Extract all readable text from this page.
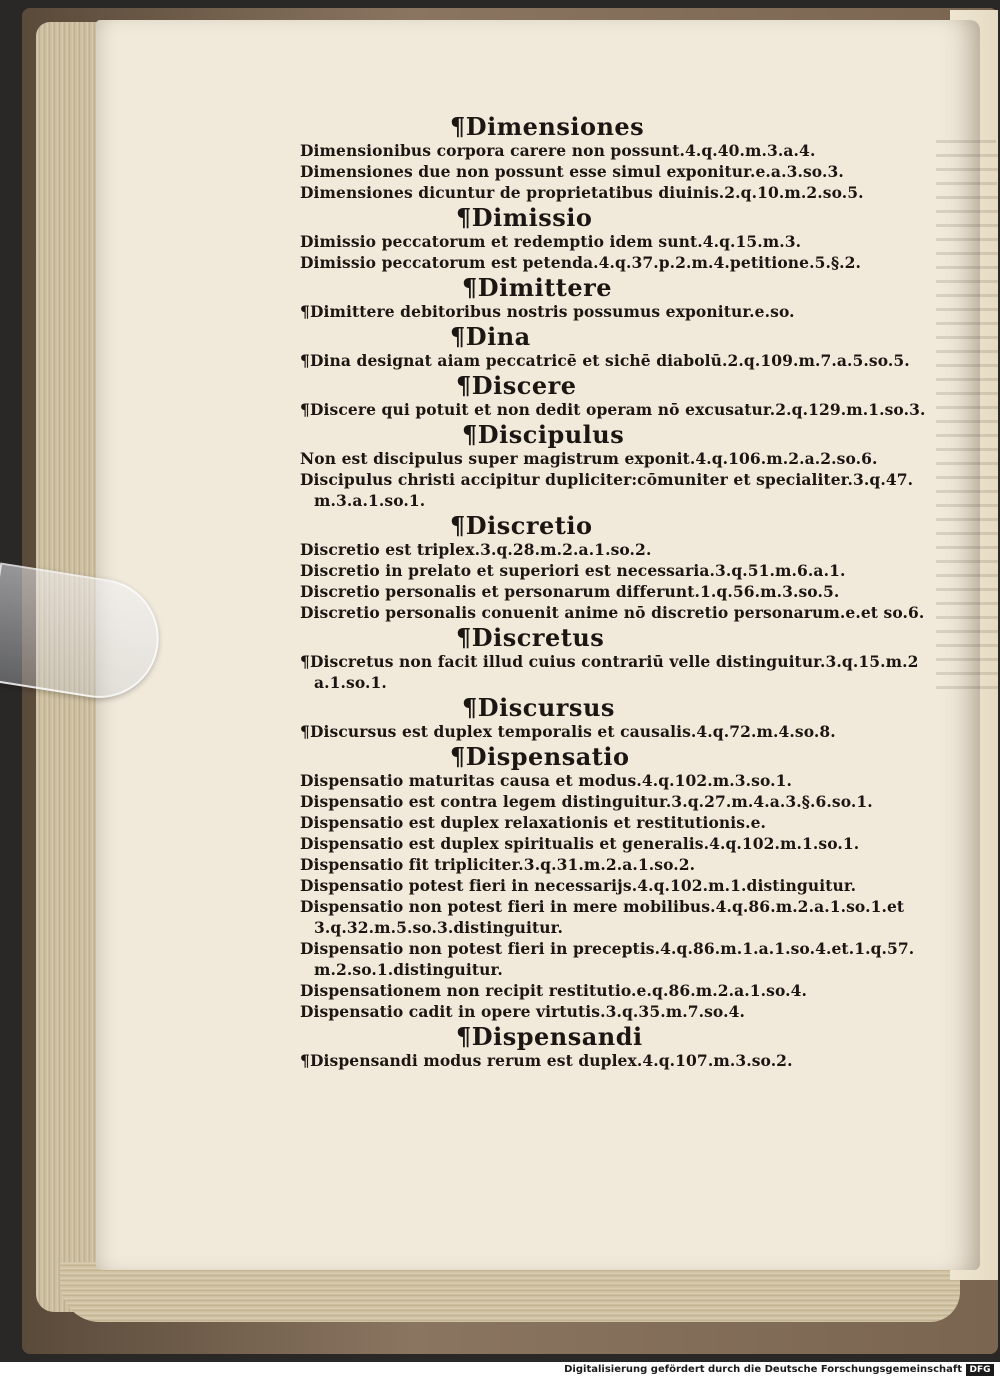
¶Dimensiones
Dimensionibus corpora carere non possunt.4.q.40.m.3.a.4.
Dimensiones due non possunt esse simul exponitur.e.a.3.so.3.
Dimensiones dicuntur de proprietatibus diuinis.2.q.10.m.2.so.5.
¶Dimissio
Dimissio peccatorum et redemptio idem sunt.4.q.15.m.3.
Dimissio peccatorum est petenda.4.q.37.p.2.m.4.petitione.5.§.2.
¶Dimittere
¶Dimittere debitoribus nostris possumus exponitur.e.so.
¶Dina
¶Dina designat aiam peccatricē et sichē diabolū.2.q.109.m.7.a.5.so.5.
¶Discere
¶Discere qui potuit et non dedit operam nō excusatur.2.q.129.m.1.so.3.
¶Discipulus
Non est discipulus super magistrum exponit.4.q.106.m.2.a.2.so.6.
Discipulus christi accipitur dupliciter:cōmuniter et specialiter.3.q.47.
m.3.a.1.so.1.
¶Discretio
Discretio est triplex.3.q.28.m.2.a.1.so.2.
Discretio in prelato et superiori est necessaria.3.q.51.m.6.a.1.
Discretio personalis et personarum differunt.1.q.56.m.3.so.5.
Discretio personalis conuenit anime nō discretio personarum.e.et so.6.
¶Discretus
¶Discretus non facit illud cuius contrariū velle distinguitur.3.q.15.m.2
a.1.so.1.
¶Discursus
¶Discursus est duplex temporalis et causalis.4.q.72.m.4.so.8.
¶Dispensatio
Dispensatio maturitas causa et modus.4.q.102.m.3.so.1.
Dispensatio est contra legem distinguitur.3.q.27.m.4.a.3.§.6.so.1.
Dispensatio est duplex relaxationis et restitutionis.e.
Dispensatio est duplex spiritualis et generalis.4.q.102.m.1.so.1.
Dispensatio fit tripliciter.3.q.31.m.2.a.1.so.2.
Dispensatio potest fieri in necessarijs.4.q.102.m.1.distinguitur.
Dispensatio non potest fieri in mere mobilibus.4.q.86.m.2.a.1.so.1.et
3.q.32.m.5.so.3.distinguitur.
Dispensatio non potest fieri in preceptis.4.q.86.m.1.a.1.so.4.et.1.q.57.
m.2.so.1.distinguitur.
Dispensationem non recipit restitutio.e.q.86.m.2.a.1.so.4.
Dispensatio cadit in opere virtutis.3.q.35.m.7.so.4.
¶Dispensandi
¶Dispensandi modus rerum est duplex.4.q.107.m.3.so.2.
Digitalisierung gefördert durch die Deutsche Forschungsgemeinschaft DFG
